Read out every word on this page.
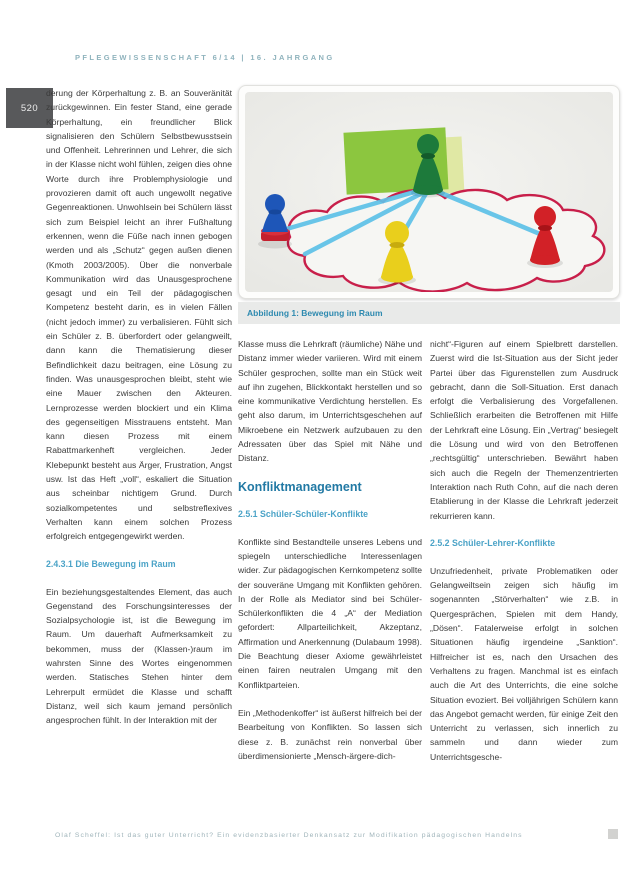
PFLEGEWISSENSCHAFT 6/14 | 16. JAHRGANG
520

derung der Körperhaltung z. B. an Souveränität zurückgewinnen. Ein fester Stand, eine gerade Körperhaltung, ein freundlicher Blick signalisieren den Schülern Selbstbewusstsein und Offenheit. Lehrerinnen und Lehrer, die sich in der Klasse nicht wohl fühlen, zeigen dies ohne Worte durch ihre Problemphysiologie und provozieren damit oft auch ungewollt negative Gegenreaktionen. Unwohlsein bei Schülern lässt sich zum Beispiel leicht an ihrer Fußhaltung erkennen, wenn die Füße nach innen gebogen werden und als „Schutz“ gegen außen dienen (Kmoth 2003/2005). Über die nonverbale Kommunikation wird das Unausgesprochene gesagt und ein Teil der pädagogischen Kompetenz besteht darin, es in vielen Fällen (nicht jedoch immer) zu verbalisieren. Fühlt sich ein Schüler z. B. überfordert oder gelangweilt, dann kann die Thematisierung dieser Befindlichkeit dazu beitragen, eine Lösung zu finden. Was unausgesprochen bleibt, steht wie eine Mauer zwischen den Akteuren. Lernprozesse werden blockiert und ein Klima des gegenseitigen Misstrauens entsteht. Man kann diesen Prozess mit einem Rabattmarkenheft vergleichen. Jeder Klebepunkt besteht aus Ärger, Frustration, Angst usw. Ist das Heft „voll“, eskaliert die Situation aus scheinbar nichtigem Grund. Durch sozialkompetentes und selbstreflexives Verhalten kann einem solchen Prozess erfolgreich entgegengewirkt werden.

2.4.3.1 Die Bewegung im Raum

Ein beziehungsgestaltendes Element, das auch Gegenstand des Forschungsinteresses der Sozialpsychologie ist, ist die Bewegung im Raum. Um dauerhaft Aufmerksamkeit zu bekommen, muss der (Klassen-)raum im wahrsten Sinne des Wortes eingenommen werden. Statisches Stehen hinter dem Lehrerpult ermüdet die Klasse und schafft Distanz, weil sich kaum jemand persönlich angesprochen fühlt. In der Interaktion mit der

Abbildung 1: Bewegung im Raum

Klasse muss die Lehrkraft (räumliche) Nähe und Distanz immer wieder variieren. Wird mit einem Schüler gesprochen, sollte man ein Stück weit auf ihn zugehen, Blickkontakt herstellen und so eine kommunikative Verdichtung herstellen. Es geht also darum, im Unterrichtsgeschehen auf Mikroebene ein Netzwerk aufzubauen zu den Adressaten über das Spiel mit Nähe und Distanz.

Konfliktmanagement

2.5.1 Schüler-Schüler-Konflikte

Konflikte sind Bestandteile unseres Lebens und spiegeln unterschiedliche Interessenlagen wider. Zur pädagogischen Kernkompetenz sollte der souveräne Umgang mit Konflikten gehören. In der Rolle als Mediator sind bei Schüler-Schülerkonflikten die 4 „A“ der Mediation gefordert: Allparteilichkeit, Akzeptanz, Affirmation und Anerkennung (Dulabaum 1998). Die Beachtung dieser Axiome gewährleistet einen fairen neutralen Umgang mit den Konfliktparteien.

Ein „Methodenkoffer“ ist äußerst hilfreich bei der Bearbeitung von Konflikten. So lassen sich diese z. B. zunächst rein nonverbal über überdimensionierte „Mensch-ärgere-dich-

nicht“-Figuren auf einem Spielbrett darstellen. Zuerst wird die Ist-Situation aus der Sicht jeder Partei über das Figurenstellen zum Ausdruck gebracht, dann die Soll-Situation. Erst danach erfolgt die Verbalisierung des Vorgefallenen. Schließlich erarbeiten die Betroffenen mit Hilfe der Lehrkraft eine Lösung. Ein „Vertrag“ besiegelt die Lösung und wird von den Betroffenen „rechtsgültig“ unterschrieben. Bewährt haben sich auch die Regeln der Themenzentrierten Interaktion nach Ruth Cohn, auf die nach deren Etablierung in der Klasse die Lehrkraft jederzeit rekurrieren kann.

2.5.2 Schüler-Lehrer-Konflikte

Unzufriedenheit, private Problematiken oder Gelangweiltsein zeigen sich häufig im sogenannten „Störverhalten“ wie z.B. in Quergesprächen, Spielen mit dem Handy, „Dösen“. Fatalerweise erfolgt in solchen Situationen häufig irgendeine „Sanktion“. Hilfreicher ist es, nach den Ursachen des Verhaltens zu fragen. Manchmal ist es einfach auch die Art des Unterrichts, die eine solche Situation evoziert. Bei volljährigen Schülern kann das Angebot gemacht werden, für einige Zeit den Unterricht zu verlassen, sich innerlich zu sammeln und dann wieder zum Unterrichtsgesche-

Olaf Scheffel: Ist das guter Unterricht? Ein evidenzbasierter Denkansatz zur Modifikation pädagogischen Handelns
